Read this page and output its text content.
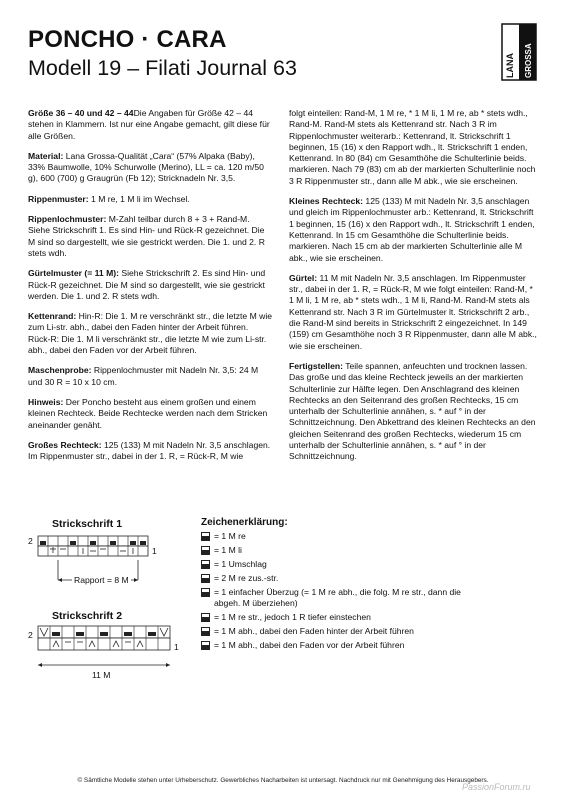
PONCHO · CARA
Modell 19 – Filati Journal 63	LANA GROSSA
Größe 36 – 40 und 42 – 44Die Angaben für Größe 42 – 44 stehen in Klammern. Ist nur eine Angabe gemacht, gilt diese für alle Größen.
Material: Lana Grossa-Qualität „Cara“ (57% Alpaka (Baby), 33% Baumwolle, 10% Schurwolle (Merino), LL = ca. 120 m/50 g), 600 (700) g Graugrün (Fb 12); Stricknadeln Nr. 3,5.
Rippenmuster: 1 M re, 1 M li im Wechsel.
Rippenlochmuster: M-Zahl teilbar durch 8 + 3 + Rand-M. Siehe Strickschrift 1. Es sind Hin- und Rück-R gezeichnet. Die M sind so dargestellt, wie sie gestrickt werden. Die 1. und 2. R stets wdh.
Gürtelmuster (= 11 M): Siehe Strickschrift 2. Es sind Hin- und Rück-R gezeichnet. Die M sind so dargestellt, wie sie gestrickt werden. Die 1. und 2. R stets wdh.
Kettenrand: Hin-R: Die 1. M re verschränkt str., die letzte M wie zum Li-str. abh., dabei den Faden hinter der Arbeit führen. Rück-R: Die 1. M li verschränkt str., die letzte M wie zum Li-str. abh., dabei den Faden vor der Arbeit führen.
Maschenprobe: Rippenlochmuster mit Nadeln Nr. 3,5: 24 M und 30 R = 10 x 10 cm.
Hinweis: Der Poncho besteht aus einem großen und einem kleinen Rechteck. Beide Rechtecke werden nach dem Stricken aneinander genäht.
Großes Rechteck: 125 (133) M mit Nadeln Nr. 3,5 anschlagen. Im Rippenmuster str., dabei in der 1. R, = Rück-R, M wie
folgt einteilen: Rand-M, 1 M re, * 1 M li, 1 M re, ab * stets wdh., Rand-M. Rand-M stets als Kettenrand str. Nach 3 R im Rippenlochmuster weiterarb.: Kettenrand, lt. Strickschrift 1 beginnen, 15 (16) x den Rapport wdh., lt. Strickschrift 1 enden, Kettenrand. In 80 (84) cm Gesamthöhe die Schulterlinie beids. markieren. Nach 79 (83) cm ab der markierten Schulterlinie noch 3 R Rippenmuster str., dann alle M abk., wie sie erscheinen.
Kleines Rechteck: 125 (133) M mit Nadeln Nr. 3,5 anschlagen und gleich im Rippenlochmuster arb.: Kettenrand, lt. Strickschrift 1 beginnen, 15 (16) x den Rapport wdh., lt. Strickschrift 1 enden, Kettenrand. In 15 cm Gesamthöhe die Schulterlinie beids. markieren. Nach 15 cm ab der markierten Schulterlinie alle M abk., wie sie erscheinen.
Gürtel: 11 M mit Nadeln Nr. 3,5 anschlagen. Im Rippenmuster str., dabei in der 1. R, = Rück-R, M wie folgt einteilen: Rand-M, * 1 M li, 1 M re, ab * stets wdh., 1 M li, Rand-M. Rand-M stets als Kettenrand str. Nach 3 R im Gürtelmuster lt. Strickschrift 2 arb., die Rand-M sind bereits in Strickschrift 2 eingezeichnet. In 149 (159) cm Gesamthöhe noch 3 R Rippenmuster, dann alle M abk., wie sie erscheinen.
Fertigstellen: Teile spannen, anfeuchten und trocknen lassen. Das große und das kleine Rechteck jeweils an der markierten Schulterlinie zur Hälfte legen. Den Anschlagrand des kleinen Rechtecks an den Seitenrand des großen Rechtecks, 15 cm unterhalb der Schulterlinie annähen, s. * auf ° in der Schnittzeichnung. Den Abkettrand des kleinen Rechtecks an den gleichen Seitenrand des großen Rechtecks, wiederum 15 cm unterhalb der Schulterlinie annähen, s. * auf ° in der Schnittzeichnung.
Strickschrift 1
2
1
Rapport = 8 M
Strickschrift 2
2
1
11 M
Zeichenerklärung:
= 1 M re
= 1 M li
= 1 Umschlag
= 2 M re zus.-str.
= 1 einfacher Überzug (= 1 M re abh., die folg. M re str., dann die abgeh. M überziehen)
= 1 M re str., jedoch 1 R tiefer einstechen
= 1 M abh., dabei den Faden hinter der Arbeit führen
= 1 M abh., dabei den Faden vor der Arbeit führen
© Sämtliche Modelle stehen unter Urheberschutz. Gewerbliches Nacharbeiten ist untersagt. Nachdruck nur mit Genehmigung des Herausgebers.
PassionForum.ru
